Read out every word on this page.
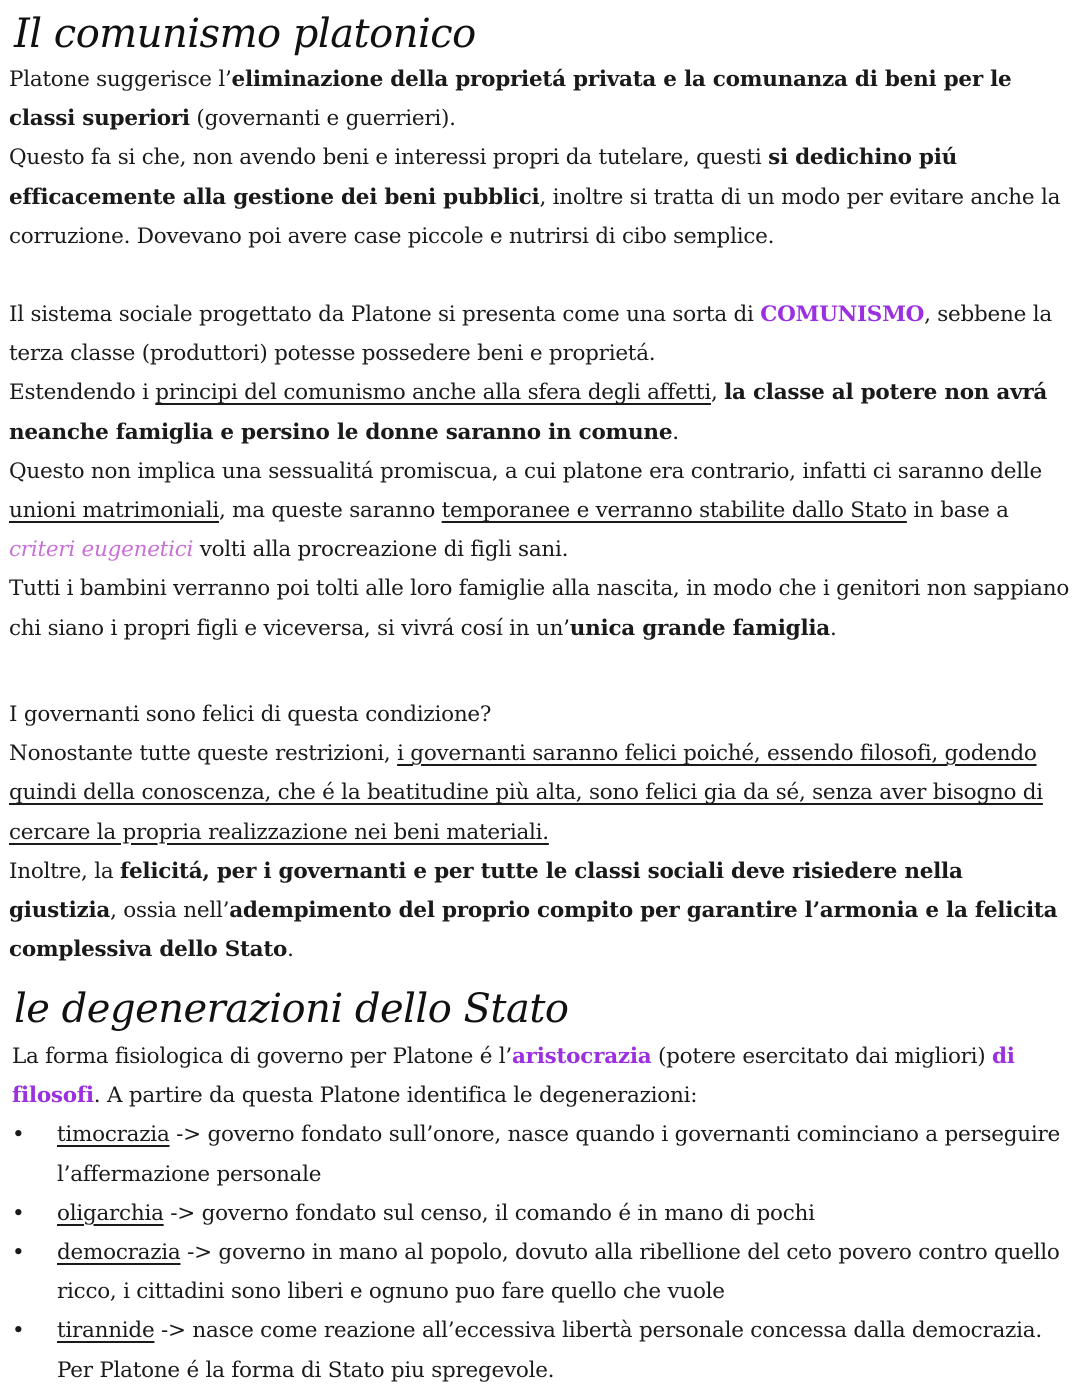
Il comunismo platonico

Platone suggerisce l’eliminazione della proprietá privata e la comunanza di beni per le classi superiori (governanti e guerrieri).

Questo fa si che, non avendo beni e interessi propri da tutelare, questi si dedichino piú efficacemente alla gestione dei beni pubblici, inoltre si tratta di un modo per evitare anche la corruzione. Dovevano poi avere case piccole e nutrirsi di cibo semplice.

Il sistema sociale progettato da Platone si presenta come una sorta di COMUNISMO, sebbene la terza classe (produttori) potesse possedere beni e proprietá.

Estendendo i principi del comunismo anche alla sfera degli affetti, la classe al potere non avrá neanche famiglia e persino le donne saranno in comune.

Questo non implica una sessualitá promiscua, a cui platone era contrario, infatti ci saranno delle unioni matrimoniali, ma queste saranno temporanee e verranno stabilite dallo Stato in base a criteri eugenetici volti alla procreazione di figli sani.

Tutti i bambini verranno poi tolti alle loro famiglie alla nascita, in modo che i genitori non sappiano chi siano i propri figli e viceversa, si vivrá cosí in un’unica grande famiglia.

I governanti sono felici di questa condizione?

Nonostante tutte queste restrizioni, i governanti saranno felici poiché, essendo filosofi, godendo quindi della conoscenza, che é la beatitudine più alta, sono felici gia da sé, senza aver bisogno di cercare la propria realizzazione nei beni materiali.

Inoltre, la felicitá, per i governanti e per tutte le classi sociali deve risiedere nella giustizia, ossia nell’adempimento del proprio compito per garantire l’armonia e la felicita complessiva dello Stato.

le degenerazioni dello Stato

La forma fisiologica di governo per Platone é l’aristocrazia (potere esercitato dai migliori) di filosofi. A partire da questa Platone identifica le degenerazioni:

•	timocrazia -> governo fondato sull’onore, nasce quando i governanti cominciano a perseguire l’affermazione personale
•	oligarchia -> governo fondato sul censo, il comando é in mano di pochi
•	democrazia -> governo in mano al popolo, dovuto alla ribellione del ceto povero contro quello ricco, i cittadini sono liberi e ognuno puo fare quello che vuole
•	tirannide -> nasce come reazione all’eccessiva libertà personale concessa dalla democrazia. Per Platone é la forma di Stato piu spregevole.
